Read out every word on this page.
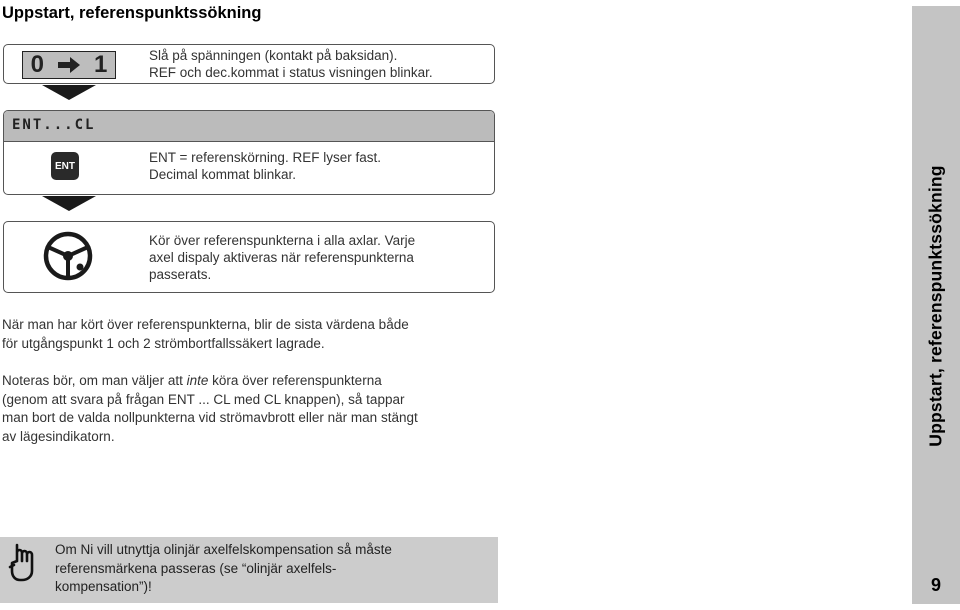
Uppstart, referenspunktssökning
0 1	Slå på spänningen (kontakt på baksidan).
REF och dec.kommat i status visningen blinkar.
ENT...CL
ENT
ENT = referenskörning. REF lyser fast.
Decimal kommat blinkar.
Kör över referenspunkterna i alla axlar. Varje
axel dispaly aktiveras när referenspunkterna
passerats.
När man har kört över referenspunkterna, blir de sista värdena både
för utgångspunkt 1 och 2 strömbortfallssäkert lagrade.
Noteras bör, om man väljer att inte köra över referenspunkterna
(genom att svara på frågan ENT ... CL med CL knappen), så tappar
man bort de valda nollpunkterna vid strömavbrott eller när man stängt
av lägesindikatorn.
Om Ni vill utnyttja olinjär axelfelskompensation så måste
referensmärkena passeras (se “olinjär axelfels-
kompensation”)!
Uppstart, referenspunktssökning
9
